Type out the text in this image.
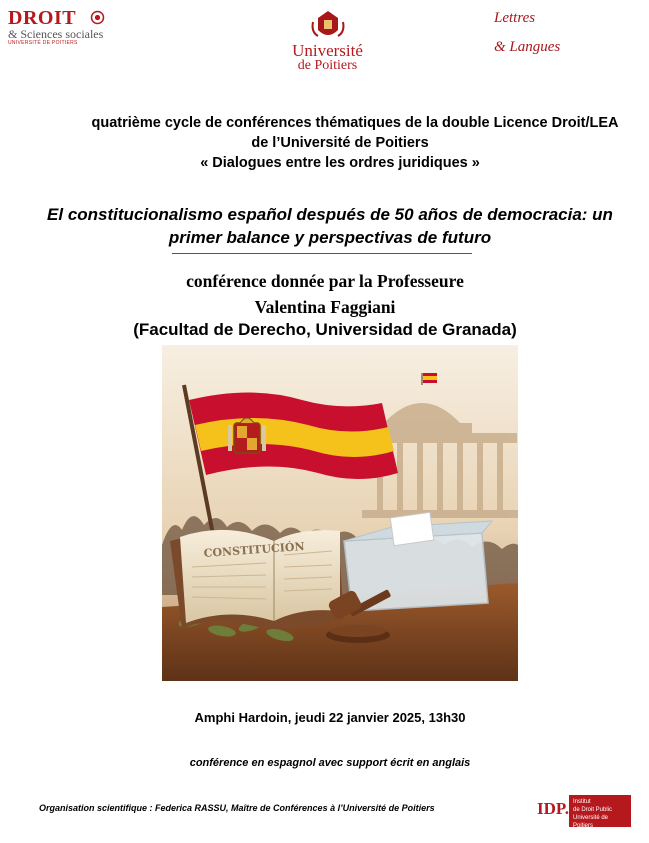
DROIT
& Sciences sociales
UNIVERSITÉ DE POITIERS	Université
de Poitiers
Lettres
& Langues
quatrième cycle de conférences thématiques de la double Licence Droit/LEA
de l’Université de Poitiers
« Dialogues entre les ordres juridiques »
El constitucionalismo español después de 50 años de democracia: un
primer balance y perspectivas de futuro
conférence donnée par la Professeure
Valentina Faggiani
(Facultad de Derecho, Universidad de Granada)
CONSTITUCIÓN
Amphi Hardoin, jeudi 22 janvier 2025, 13h30
conférence en espagnol avec support écrit en anglais
Organisation scientifique : Federica RASSU, Maître de Conférences à l’Université de Poitiers	IDP. Institut
de Droit Public
Université de Poitiers
